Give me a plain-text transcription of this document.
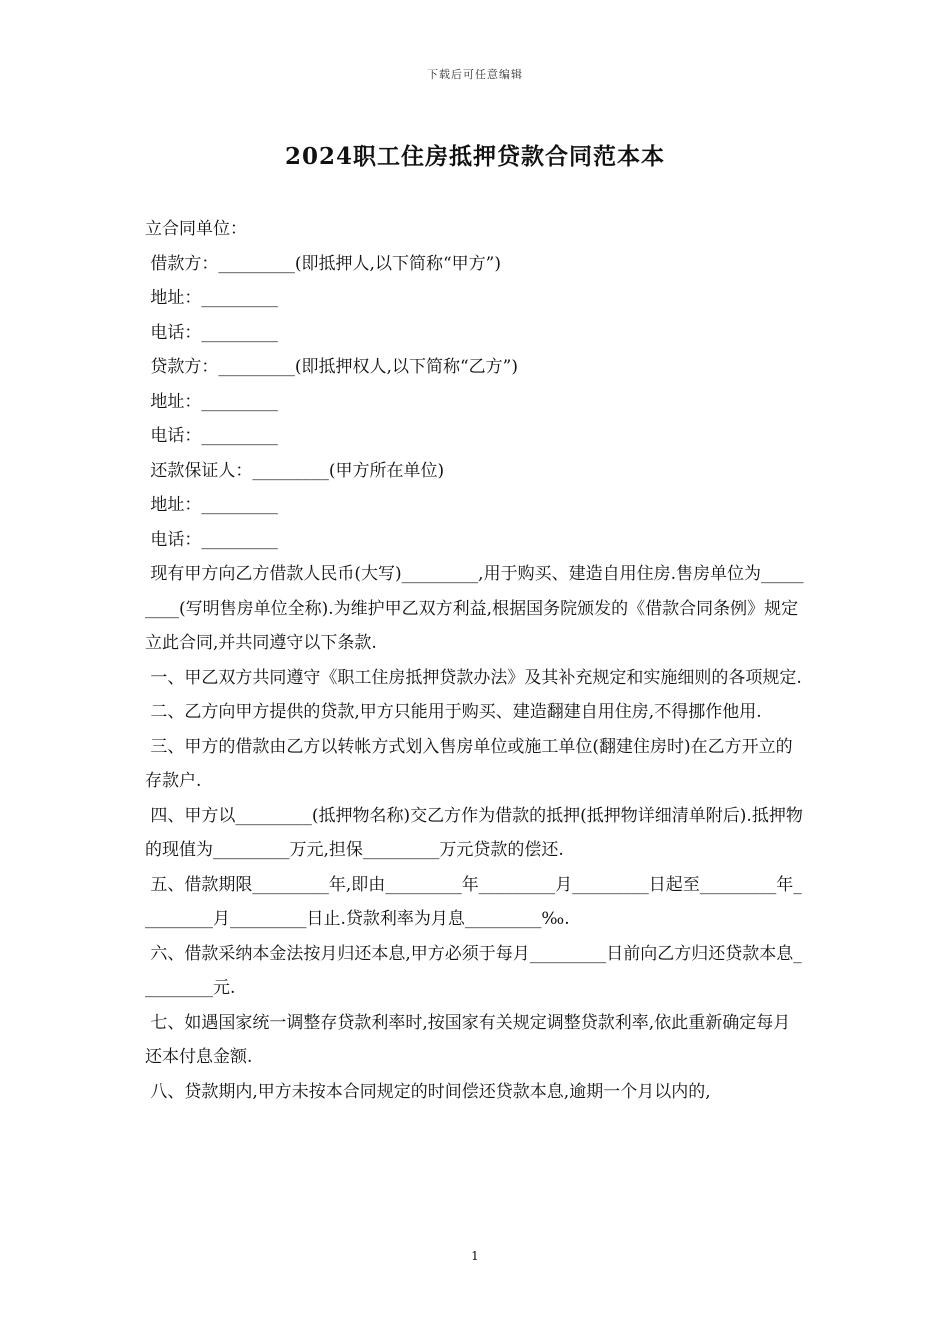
下载后可任意编辑
2024职工住房抵押贷款合同范本本

立合同单位：

借款方：_________(即抵押人,以下简称“甲方”)

地址：_________

电话：_________

贷款方：_________(即抵押权人,以下简称“乙方”)

地址：_________

电话：_________

还款保证人：_________(甲方所在单位)

地址：_________

电话：_________

现有甲方向乙方借款人民币(大写)_________,用于购买、建造自用住房.售房单位为_________(写明售房单位全称).为维护甲乙双方利益,根据国务院颁发的《借款合同条例》规定立此合同,并共同遵守以下条款.

一、甲乙双方共同遵守《职工住房抵押贷款办法》及其补充规定和实施细则的各项规定.

二、乙方向甲方提供的贷款,甲方只能用于购买、建造翻建自用住房,不得挪作他用.

三、甲方的借款由乙方以转帐方式划入售房单位或施工单位(翻建住房时)在乙方开立的存款户.

四、甲方以_________(抵押物名称)交乙方作为借款的抵押(抵押物详细清单附后).抵押物的现值为_________万元,担保_________万元贷款的偿还.

五、借款期限_________年,即由_________年_________月_________日起至_________年_________月_________日止.贷款利率为月息_________‰.

六、借款采纳本金法按月归还本息,甲方必须于每月_________日前向乙方归还贷款本息_________元.

七、如遇国家统一调整存贷款利率时,按国家有关规定调整贷款利率,依此重新确定每月还本付息金额.

八、贷款期内,甲方未按本合同规定的时间偿还贷款本息,逾期一个月以内的,

1
